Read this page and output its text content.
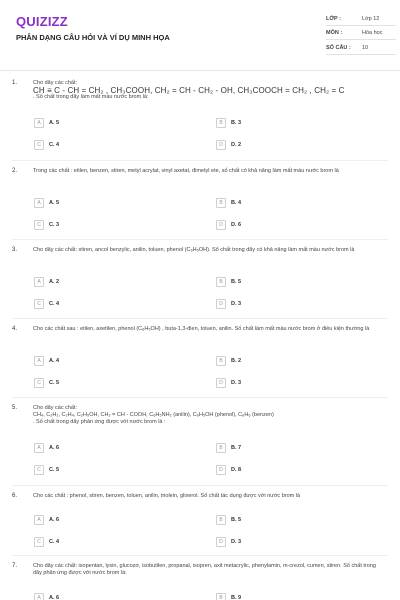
QUIZIZZ
PHÂN DẠNG CÂU HỎI VÀ VÍ DỤ MINH HỌA
LỚP :	Lớp 12
MÔN :	Hóa học
SỐ CÂU : 10
1.	Cho dãy các chất:
CH ≡ C - CH = CH₂ , CH₃COOH, CH₂ = CH - CH₂ - OH, CH₃COOCH = CH₂ , CH₂ = C
. Số chất trong dãy làm mất màu nước brom là:
A	A. 5	B	B. 3
C	C. 4	D	D. 2
2.	Trong các chất : etilen, benzen, stiren, metyl acrylat, vinyl axetat, đimetyl ete, số chất có khả năng làm mất màu nước brom là
A	A. 5	B	B. 4
C	C. 3	D	D. 6
3.	Cho dãy các chất: stiren, ancol benzylic, anilin, toluen, phenol (C₆H₅OH). Số chất trong dãy có khả năng làm mất màu nước brom là
A	A. 2	B	B. 5
C	C. 4	D	D. 3
4.	Cho các chất sau : etilen, axetilen, phenol (C₆H₅OH) , buta-1,3-đien, toluen, anilin. Số chất làm mất màu nước brom ở điều kiện thường là
A	A. 4	B	B. 2
C	C. 5	D	D. 3
5.	Cho dãy các chất:
CH₄, C₂H₂, C₂H₄, C₂H₅OH, CH₂ = CH - COOH, C₆H₅NH₂ (anilin), C₆H₅OH (phenol), C₆H₆ (benzen)
. Số chất trong dãy phản ứng được với nước brom là :
A	A. 6	B	B. 7
C	C. 5	D	D. 8
6.	Cho các chất : phenol, stiren, benzen, toluen, anilin, triolein, glixerol. Số chất tác dụng được với nước brom là
A	A. 6	B	B. 5
C	C. 4	D	D. 3
7.	Cho dãy các chất: isopentan, lysin, glucozơ, isobutilen, propanal, isopren, axit metacrylic, phenylamin, m-crezol, cumen, stiren. Số chất trong dãy phản ứng được với nước brom là:
A	A. 6	B	B. 9
